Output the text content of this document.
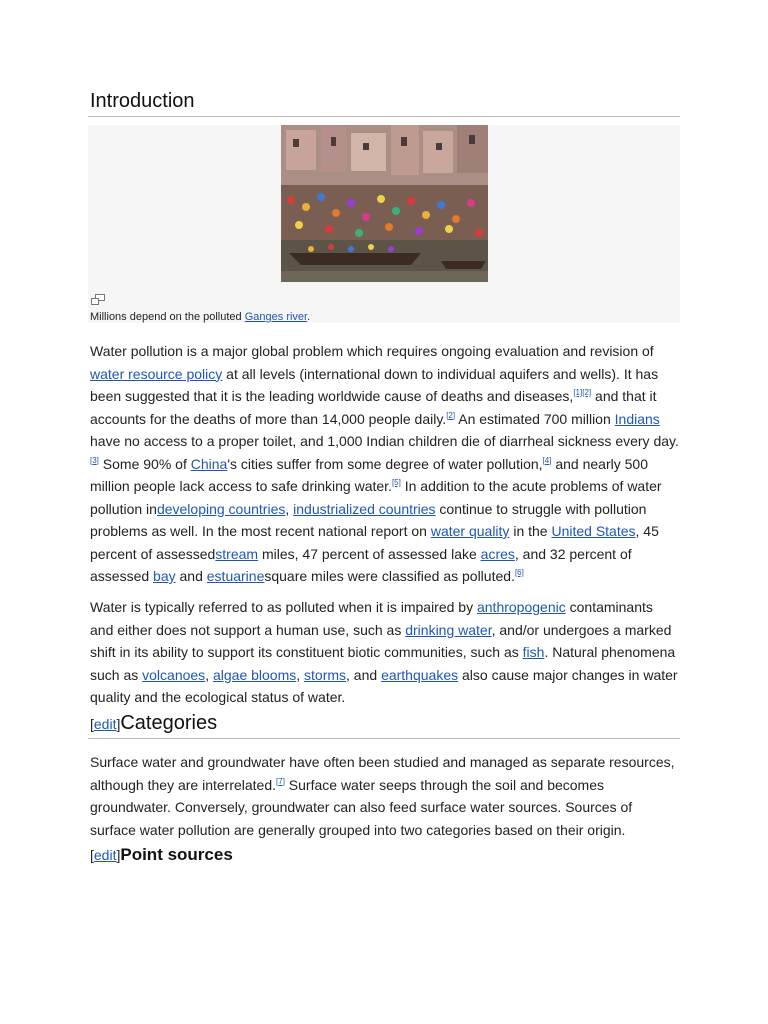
Introduction
Millions depend on the polluted Ganges river.

Water pollution is a major global problem which requires ongoing evaluation and revision of water resource policy at all levels (international down to individual aquifers and wells). It has been suggested that it is the leading worldwide cause of deaths and diseases,[1][2] and that it accounts for the deaths of more than 14,000 people daily.[2] An estimated 700 million Indians have no access to a proper toilet, and 1,000 Indian children die of diarrheal sickness every day.[3] Some 90% of China's cities suffer from some degree of water pollution,[4] and nearly 500 million people lack access to safe drinking water.[5] In addition to the acute problems of water pollution indeveloping countries, industrialized countries continue to struggle with pollution problems as well. In the most recent national report on water quality in the United States, 45 percent of assessedstream miles, 47 percent of assessed lake acres, and 32 percent of assessed bay and estuarinesquare miles were classified as polluted.[6]

Water is typically referred to as polluted when it is impaired by anthropogenic contaminants and either does not support a human use, such as drinking water, and/or undergoes a marked shift in its ability to support its constituent biotic communities, such as fish. Natural phenomena such as volcanoes, algae blooms, storms, and earthquakes also cause major changes in water quality and the ecological status of water.

[edit]Categories

Surface water and groundwater have often been studied and managed as separate resources, although they are interrelated.[7] Surface water seeps through the soil and becomes groundwater. Conversely, groundwater can also feed surface water sources. Sources of surface water pollution are generally grouped into two categories based on their origin.

[edit]Point sources
